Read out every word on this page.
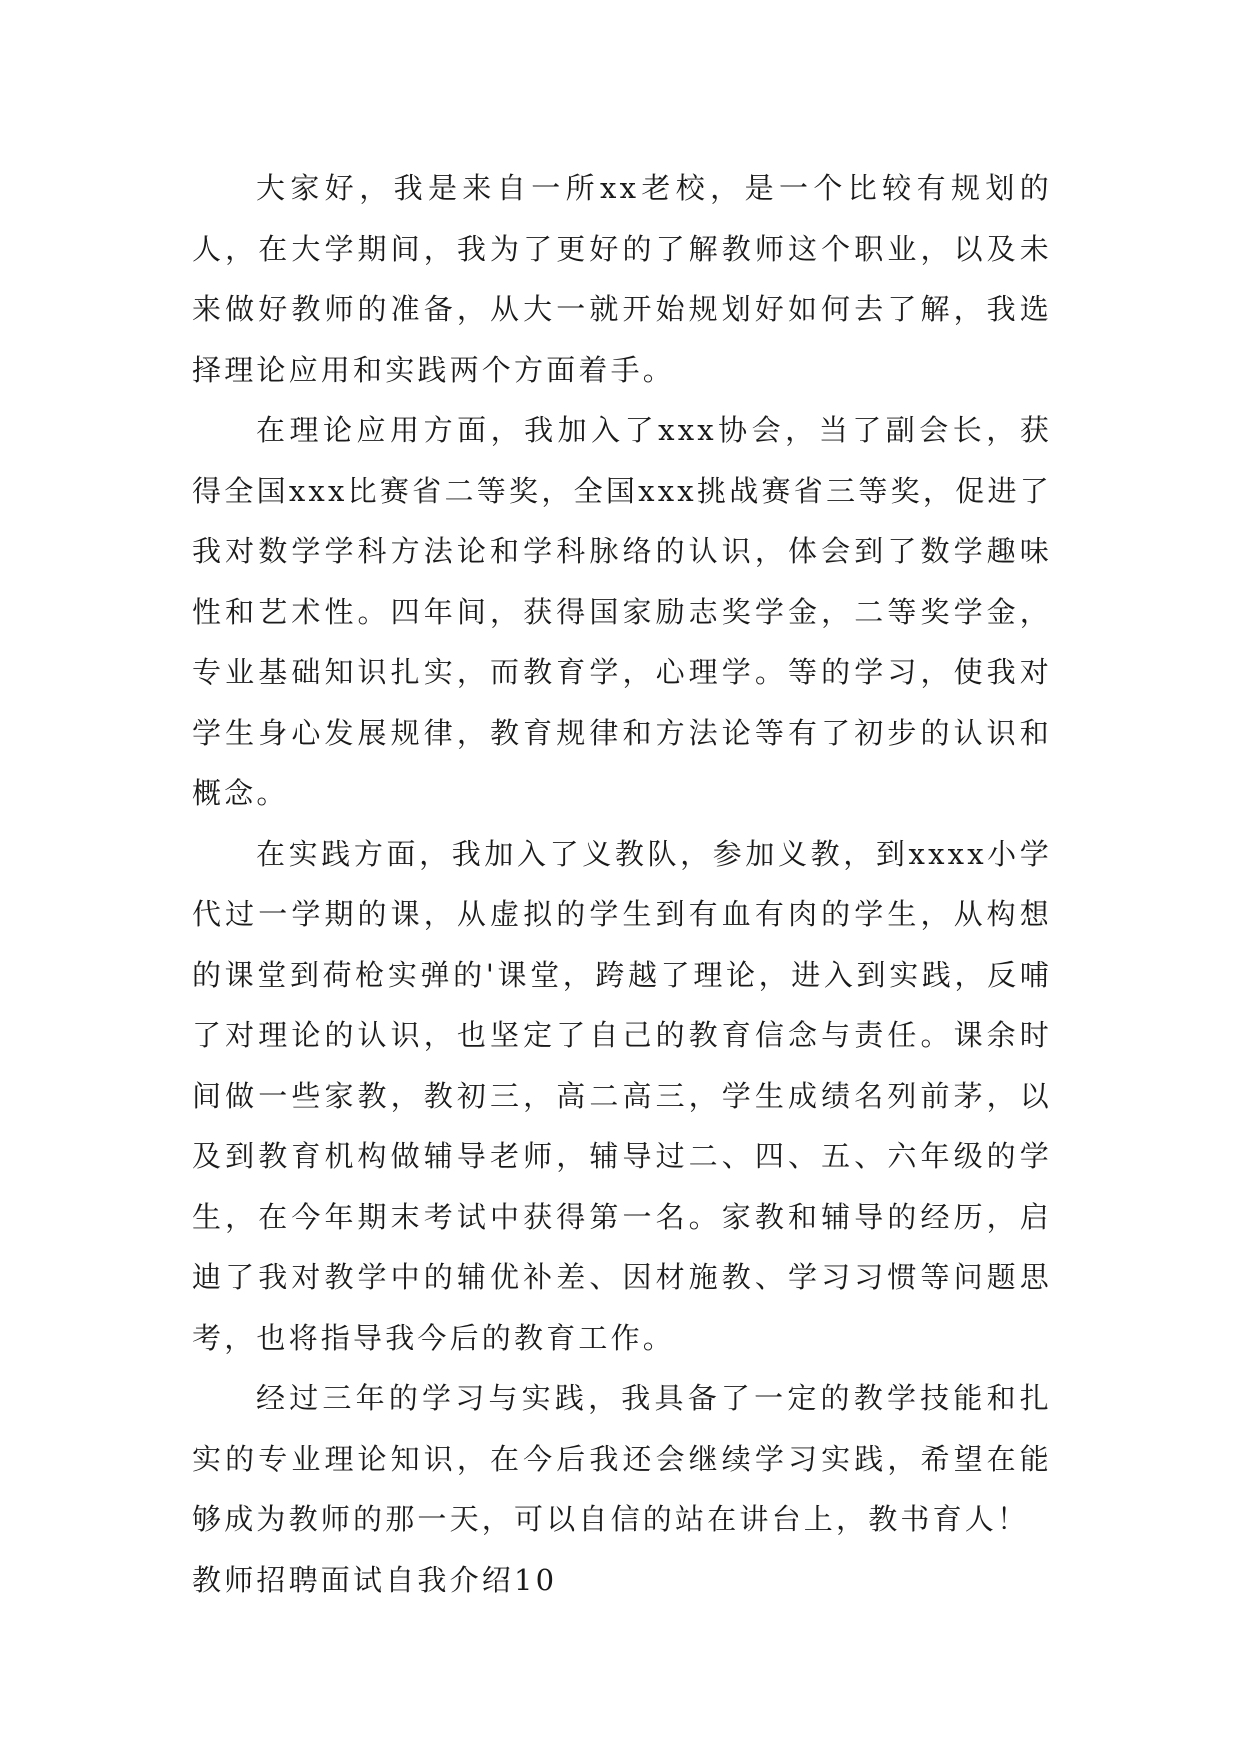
大家好，我是来自一所xx老校，是一个比较有规划的人，在大学期间，我为了更好的了解教师这个职业，以及未来做好教师的准备，从大一就开始规划好如何去了解，我选择理论应用和实践两个方面着手。

在理论应用方面，我加入了xxx协会，当了副会长，获得全国xxx比赛省二等奖，全国xxx挑战赛省三等奖，促进了我对数学学科方法论和学科脉络的认识，体会到了数学趣味性和艺术性。四年间，获得国家励志奖学金，二等奖学金，专业基础知识扎实，而教育学，心理学。等的学习，使我对学生身心发展规律，教育规律和方法论等有了初步的认识和概念。

在实践方面，我加入了义教队，参加义教，到xxxx小学代过一学期的课，从虚拟的学生到有血有肉的学生，从构想的课堂到荷枪实弹的'课堂，跨越了理论，进入到实践，反哺了对理论的认识，也坚定了自己的教育信念与责任。课余时间做一些家教，教初三，高二高三，学生成绩名列前茅，以及到教育机构做辅导老师，辅导过二、四、五、六年级的学生，在今年期末考试中获得第一名。家教和辅导的经历，启迪了我对教学中的辅优补差、因材施教、学习习惯等问题思考，也将指导我今后的教育工作。

经过三年的学习与实践，我具备了一定的教学技能和扎实的专业理论知识，在今后我还会继续学习实践，希望在能够成为教师的那一天，可以自信的站在讲台上，教书育人！

教师招聘面试自我介绍10
